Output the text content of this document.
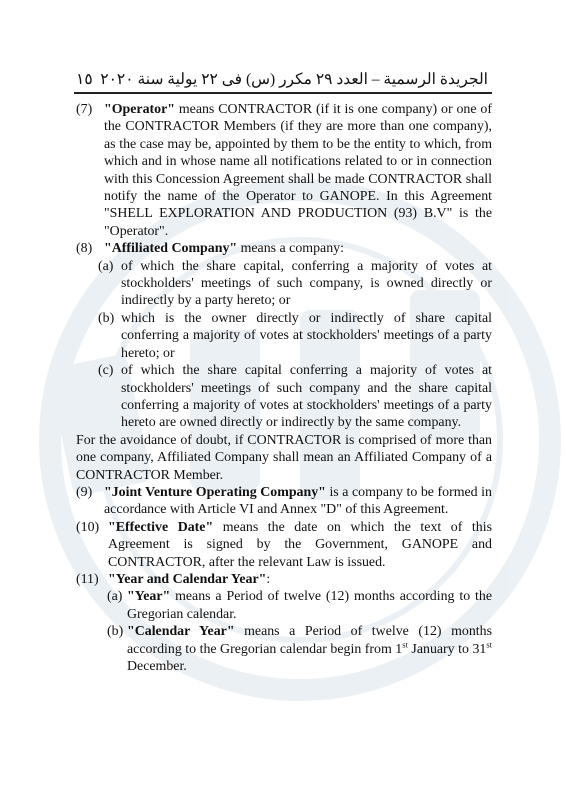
١٥ الجريدة الرسمية – العدد ٢٩ مكرر (س) فى ٢٢ يولية سنة ٢٠٢٠
(7) "Operator" means CONTRACTOR (if it is one company) or one of the CONTRACTOR Members (if they are more than one company), as the case may be, appointed by them to be the entity to which, from which and in whose name all notifications related to or in connection with this Concession Agreement shall be made CONTRACTOR shall notify the name of the Operator to GANOPE. In this Agreement "SHELL EXPLORATION AND PRODUCTION (93) B.V" is the "Operator".
(8) "Affiliated Company" means a company:
(a) of which the share capital, conferring a majority of votes at stockholders' meetings of such company, is owned directly or indirectly by a party hereto; or
(b) which is the owner directly or indirectly of share capital conferring a majority of votes at stockholders' meetings of a party hereto; or
(c) of which the share capital conferring a majority of votes at stockholders' meetings of such company and the share capital conferring a majority of votes at stockholders' meetings of a party hereto are owned directly or indirectly by the same company.

For the avoidance of doubt, if CONTRACTOR is comprised of more than one company, Affiliated Company shall mean an Affiliated Company of a CONTRACTOR Member.

(9) "Joint Venture Operating Company" is a company to be formed in accordance with Article VI and Annex "D" of this Agreement.
(10) "Effective Date" means the date on which the text of this Agreement is signed by the Government, GANOPE and CONTRACTOR, after the relevant Law is issued.
(11) "Year and Calendar Year":
(a) "Year" means a Period of twelve (12) months according to the Gregorian calendar.
(b) "Calendar Year" means a Period of twelve (12) months according to the Gregorian calendar begin from 1st January to 31st December.
